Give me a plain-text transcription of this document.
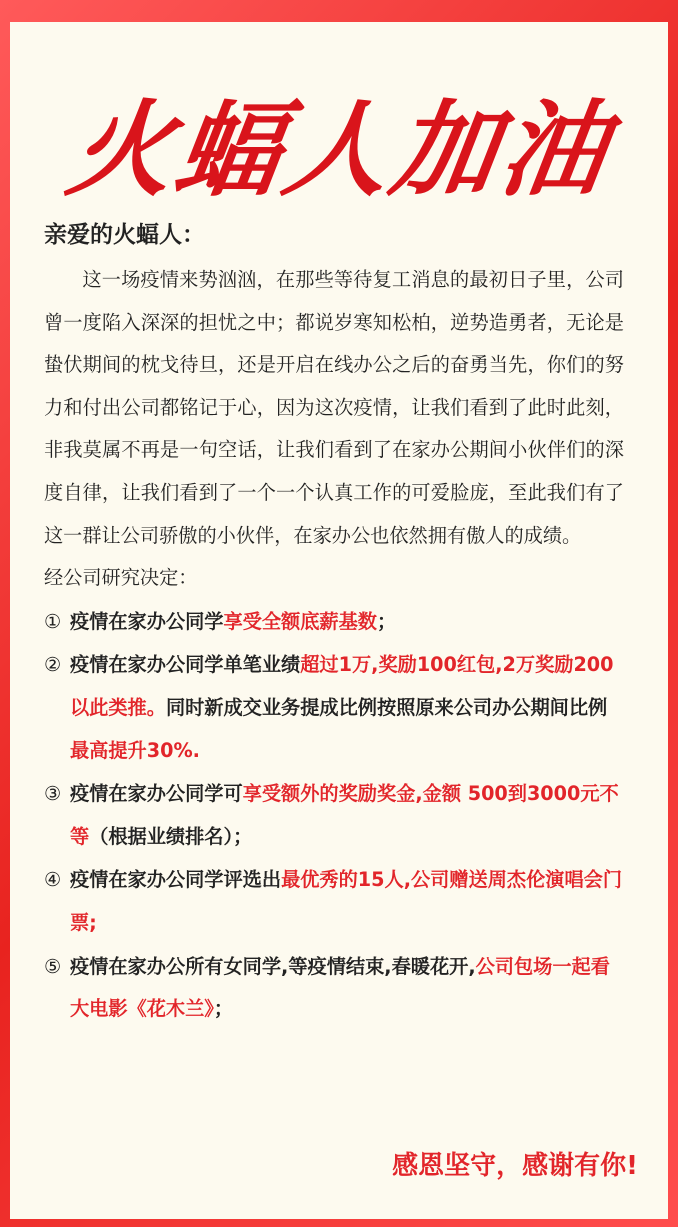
火蝠人加油
亲爱的火蝠人：
这一场疫情来势汹汹，在那些等待复工消息的最初日子里，公司曾一度陷入深深的担忧之中；都说岁寒知松柏，逆势造勇者，无论是蛰伏期间的枕戈待旦，还是开启在线办公之后的奋勇当先，你们的努力和付出公司都铭记于心，因为这次疫情，让我们看到了此时此刻，非我莫属不再是一句空话，让我们看到了在家办公期间小伙伴们的深度自律，让我们看到了一个一个认真工作的可爱脸庞，至此我们有了这一群让公司骄傲的小伙伴，在家办公也依然拥有傲人的成绩。
经公司研究决定：
① 疫情在家办公同学享受全额底薪基数；
② 疫情在家办公同学单笔业绩超过1万,奖励100红包,2万奖励200以此类推。同时新成交业务提成比例按照原来公司办公期间比例最高提升30%.
③ 疫情在家办公同学可享受额外的奖励奖金,金额 500到3000元不等（根据业绩排名）；
④ 疫情在家办公同学评选出最优秀的15人,公司赠送周杰伦演唱会门票;
⑤ 疫情在家办公所有女同学,等疫情结束,春暖花开,公司包场一起看大电影《花木兰》；
感恩坚守，感谢有你!
